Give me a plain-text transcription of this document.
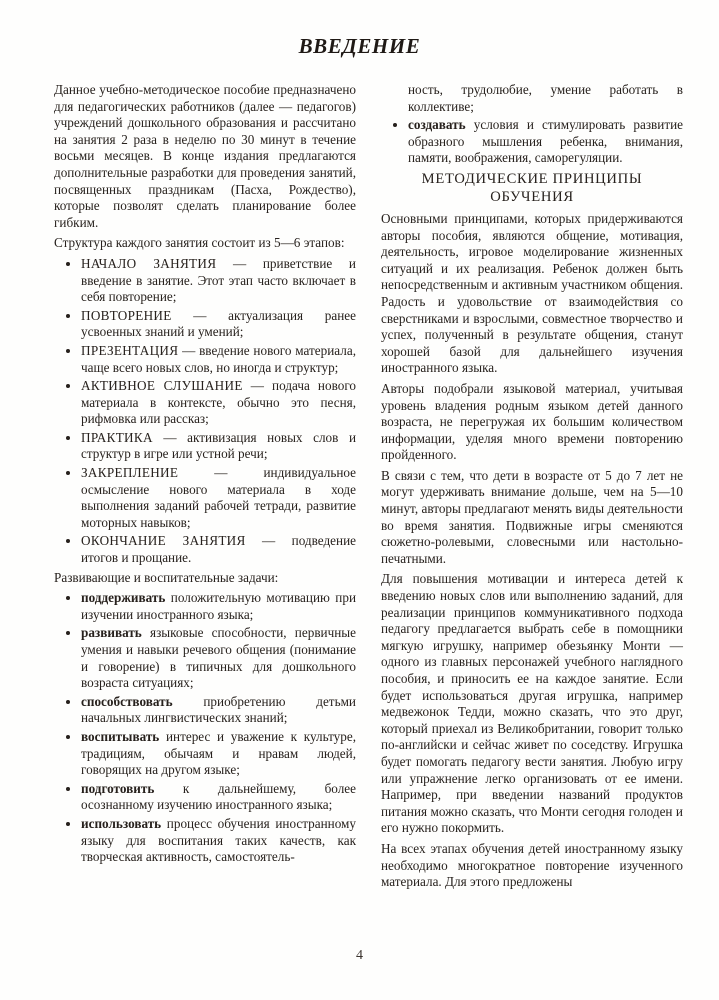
ВВЕДЕНИЕ

Данное учебно-методическое пособие предназначено для педагогических работников (далее — педагогов) учреждений дошкольного образования и рассчитано на занятия 2 раза в неделю по 30 минут в течение восьми месяцев. В конце издания предлагаются дополнительные разработки для проведения занятий, посвященных праздникам (Пасха, Рождество), которые позволят сделать планирование более гибким.

Структура каждого занятия состоит из 5—6 этапов:

• НАЧАЛО ЗАНЯТИЯ — приветствие и введение в занятие. Этот этап часто включает в себя повторение;
• ПОВТОРЕНИЕ — актуализация ранее усвоенных знаний и умений;
• ПРЕЗЕНТАЦИЯ — введение нового материала, чаще всего новых слов, но иногда и структур;
• АКТИВНОЕ СЛУШАНИЕ — подача нового материала в контексте, обычно это песня, рифмовка или рассказ;
• ПРАКТИКА — активизация новых слов и структур в игре или устной речи;
• ЗАКРЕПЛЕНИЕ	— индивидуальное осмысление нового материала в ходе выполнения заданий рабочей тетради, развитие моторных навыков;
• ОКОНЧАНИЕ ЗАНЯТИЯ — подведение итогов и прощание.

Развивающие и воспитательные задачи:

• поддерживать положительную мотивацию при изучении иностранного языка;
• развивать языковые способности, первичные умения и навыки речевого общения (понимание и говорение) в типичных для дошкольного возраста ситуациях;
• способствовать приобретению детьми начальных лингвистических знаний;
• воспитывать интерес и уважение к культуре, традициям, обычаям и нравам людей, говорящих на другом языке;
• подготовить к дальнейшему, более осознанному изучению иностранного языка;
• использовать процесс обучения иностранному языку для воспитания таких качеств, как творческая активность, самостоятель-
ность, трудолюбие, умение работать в коллективе;
• создавать условия и стимулировать развитие образного мышления ребенка, внимания, памяти, воображения, саморегуляции.
МЕТОДИЧЕСКИЕ ПРИНЦИПЫ ОБУЧЕНИЯ

Основными принципами, которых придерживаются авторы пособия, являются общение, мотивация, деятельность, игровое моделирование жизненных ситуаций и их реализация. Ребенок должен быть непосредственным и активным участником общения. Радость и удовольствие от взаимодействия со сверстниками и взрослыми, совместное творчество и успех, полученный в результате общения, станут хорошей базой для дальнейшего изучения иностранного языка.

Авторы подобрали языковой материал, учитывая уровень владения родным языком детей данного возраста, не перегружая их большим количеством информации, уделяя много времени повторению пройденного.

В связи с тем, что дети в возрасте от 5 до 7 лет не могут удерживать внимание дольше, чем на 5—10 минут, авторы предлагают менять виды деятельности во время занятия. Подвижные игры сменяются сюжетно-ролевыми, словесными или настольно-печатными.

Для повышения мотивации и интереса детей к введению новых слов или выполнению заданий, для реализации принципов коммуникативного подхода педагогу предлагается выбрать себе в помощники мягкую игрушку, например обезьянку Монти — одного из главных персонажей учебного наглядного пособия, и приносить ее на каждое занятие. Если будет использоваться другая игрушка, например медвежонок Тедди, можно сказать, что это друг, который приехал из Великобритании, говорит только по-английски и сейчас живет по соседству. Игрушка будет помогать педагогу вести занятия. Любую игру или упражнение легко организовать от ее имени. Например, при введении названий продуктов питания можно сказать, что Монти сегодня голоден и его нужно покормить.

На всех этапах обучения детей иностранному языку необходимо многократное повторение изученного материала. Для этого предложены

4
